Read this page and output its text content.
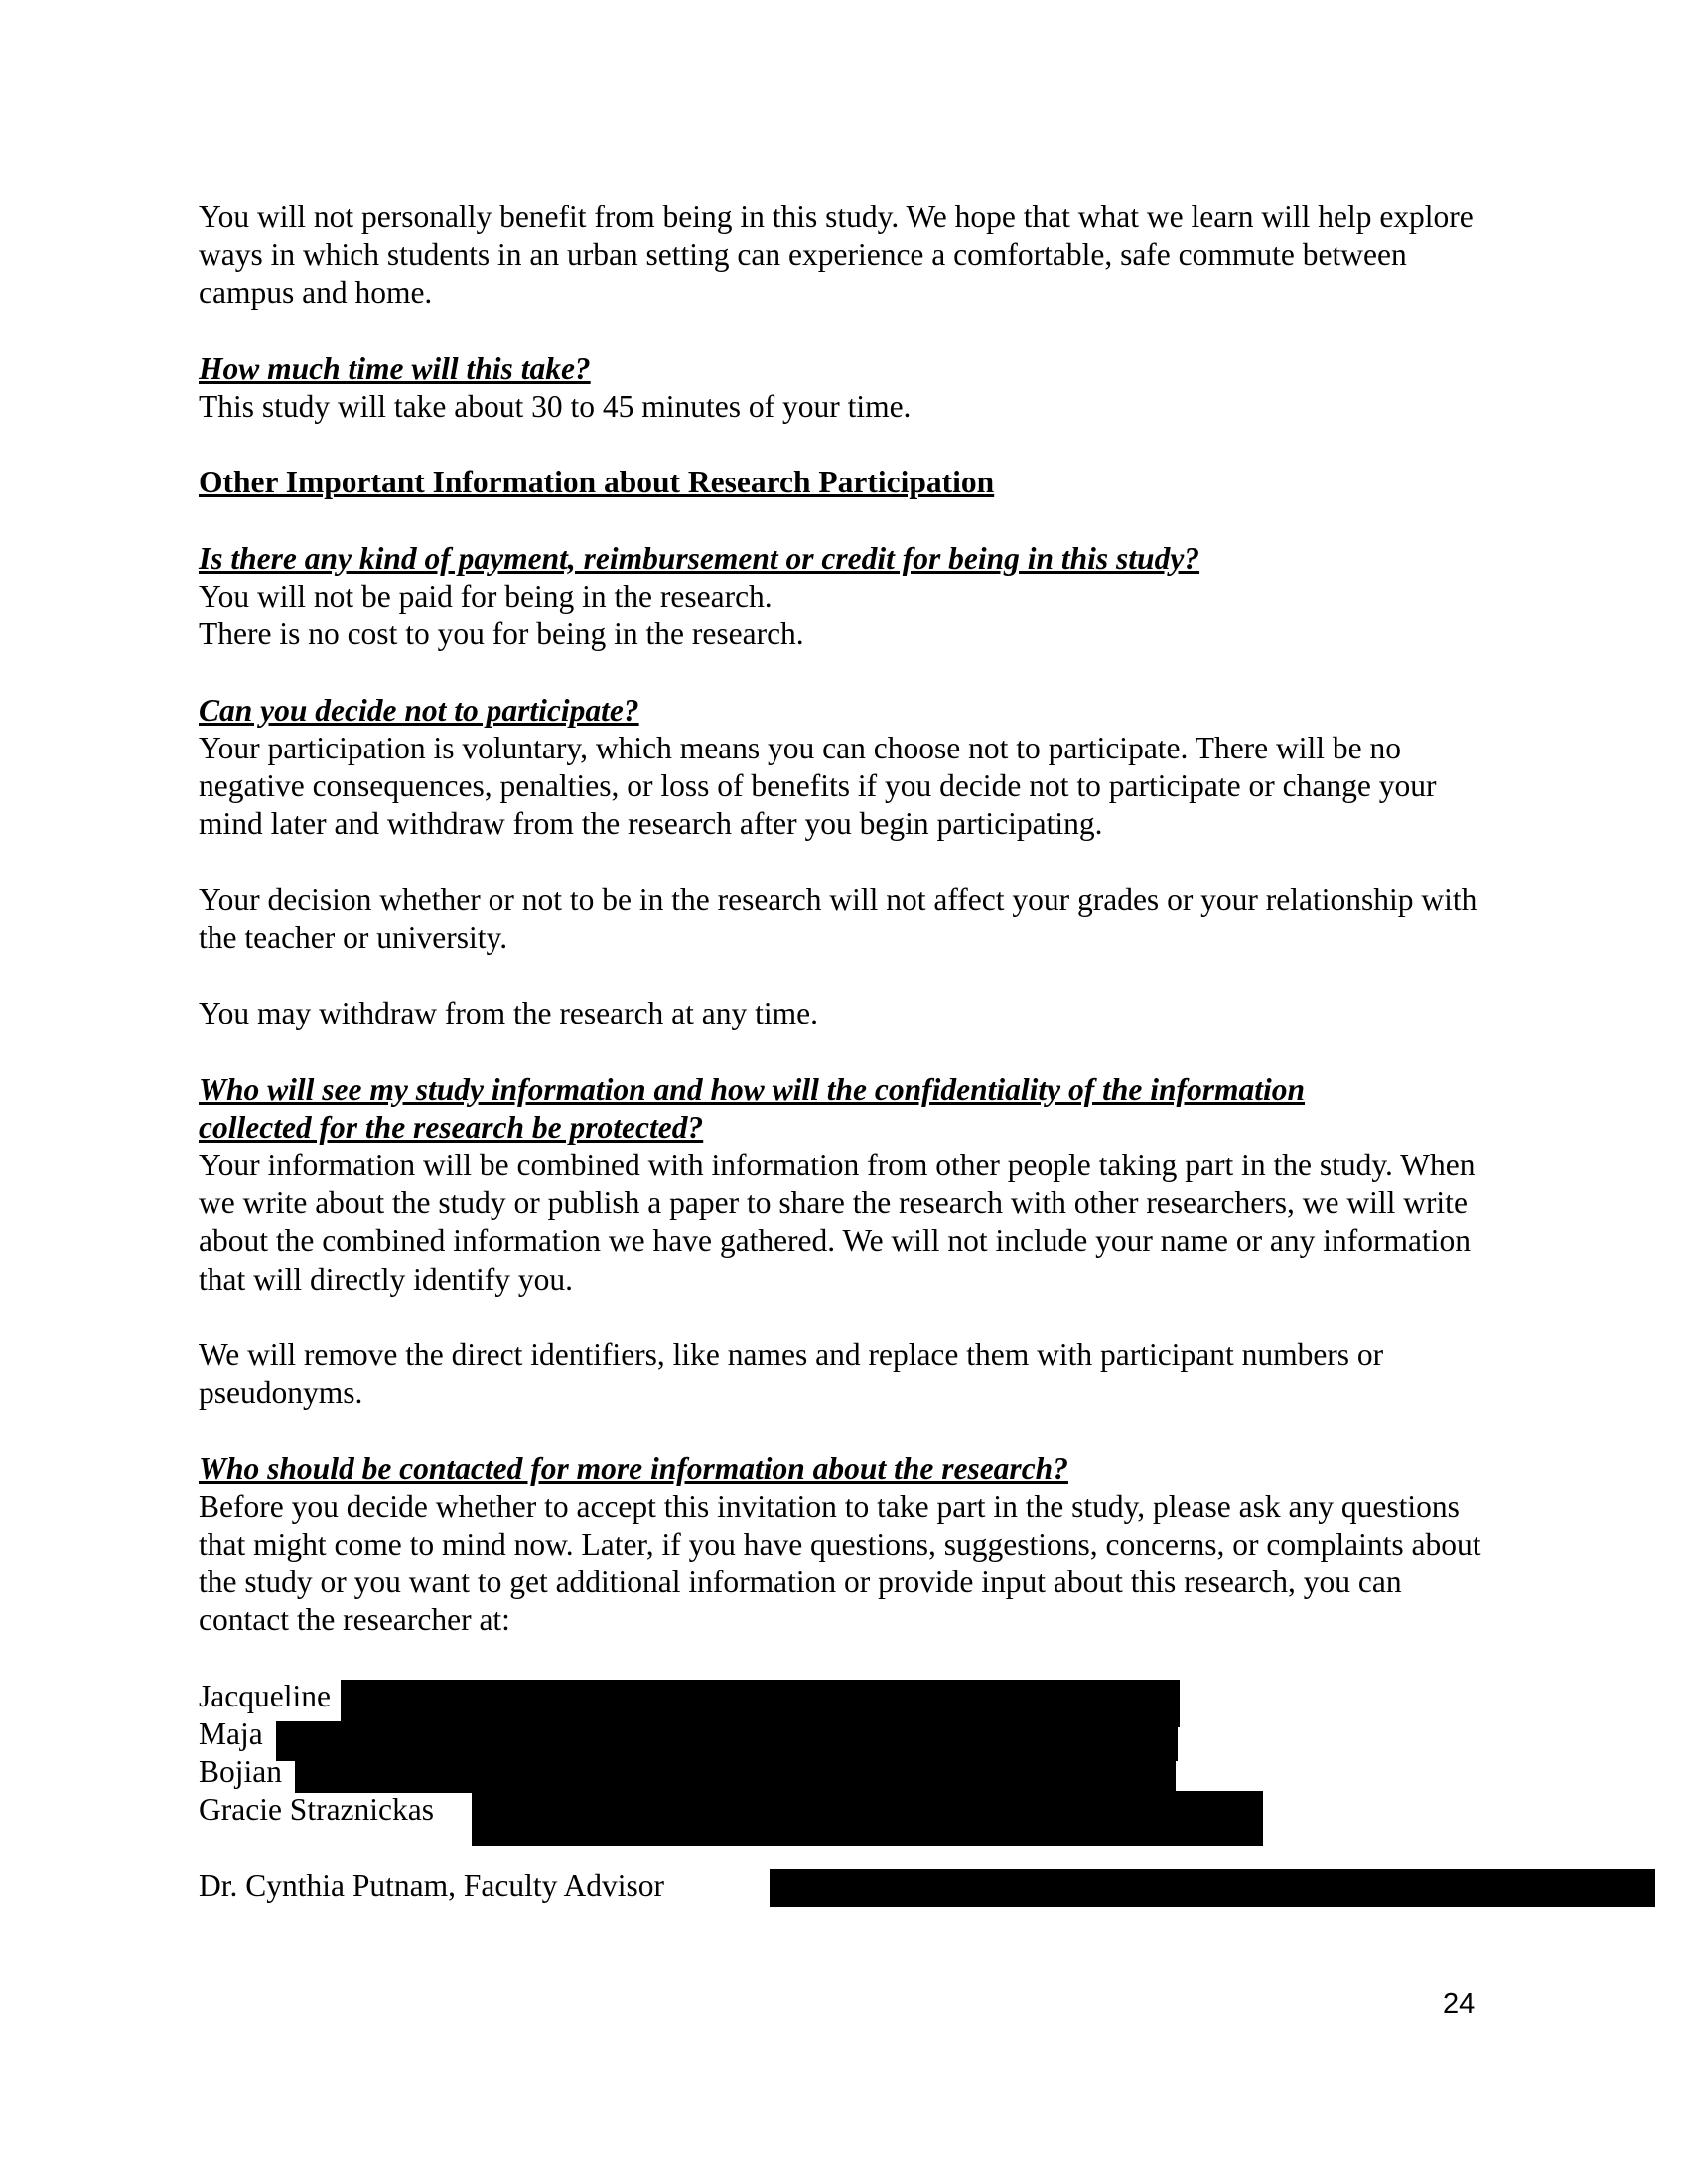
You will not personally benefit from being in this study. We hope that what we learn will help explore ways in which students in an urban setting can experience a comfortable, safe commute between campus and home.

How much time will this take?

This study will take about 30 to 45 minutes of your time.

Other Important Information about Research Participation

Is there any kind of payment, reimbursement or credit for being in this study?

You will not be paid for being in the research.

There is no cost to you for being in the research.

Can you decide not to participate?

Your participation is voluntary, which means you can choose not to participate. There will be no negative consequences, penalties, or loss of benefits if you decide not to participate or change your mind later and withdraw from the research after you begin participating.

Your decision whether or not to be in the research will not affect your grades or your relationship with the teacher or university.

You may withdraw from the research at any time.

Who will see my study information and how will the confidentiality of the information collected for the research be protected?

Your information will be combined with information from other people taking part in the study. When we write about the study or publish a paper to share the research with other researchers, we will write about the combined information we have gathered. We will not include your name or any information that will directly identify you.

We will remove the direct identifiers, like names and replace them with participant numbers or pseudonyms.

Who should be contacted for more information about the research?

Before you decide whether to accept this invitation to take part in the study, please ask any questions that might come to mind now. Later, if you have questions, suggestions, concerns, or complaints about the study or you want to get additional information or provide input about this research, you can contact the researcher at:

Jacqueline
Maja
Bojian
Gracie Straznickas
Dr. Cynthia Putnam, Faculty Advisor
24
